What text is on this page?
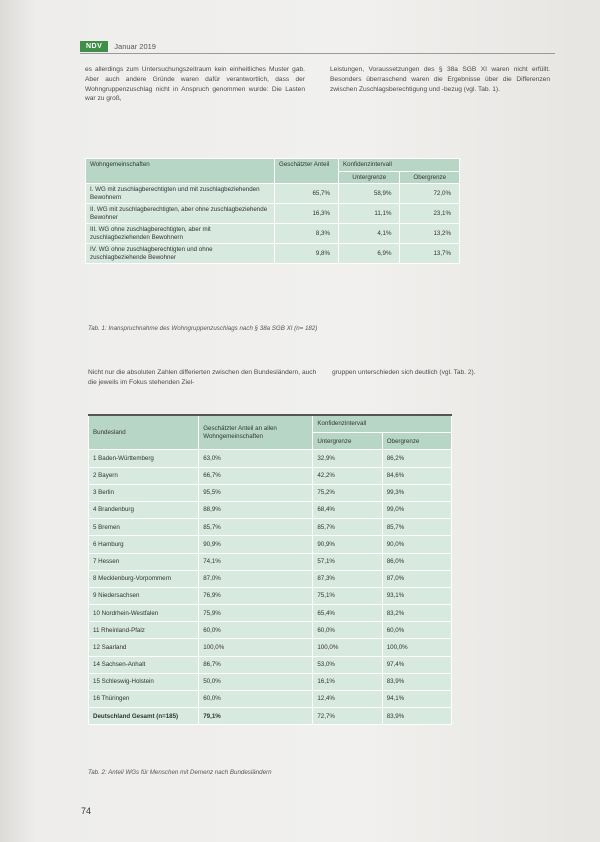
NDV	Januar 2019
es allerdings zum Untersuchungszeitraum kein einheitliches Muster gab. Aber auch andere Gründe waren dafür verantwortlich, dass der Wohngruppenzuschlag nicht in Anspruch genommen wurde: Die Lasten war zu groß,
Leistungen, Voraussetzungen des § 38a SGB XI waren nicht erfüllt. Besonders überraschend waren die Ergebnisse über die Differenzen zwischen Zuschlagsberechtigung und -bezug (vgl. Tab. 1).
Wohngemeinschaften	Geschätzter Anteil	Konfidenzintervall	
		Untergrenze	Obergrenze
I. WG mit zuschlagberechtigten und mit zuschlagbeziehenden Bewohnern	65,7%	58,9%	72,0%
II. WG mit zuschlagberechtigten, aber ohne zuschlagbeziehende Bewohner	16,3%	11,1%	23,1%
III. WG ohne zuschlagberechtigten, aber mit zuschlagbeziehenden Bewohnern	8,3%	4,1%	13,2%
IV. WG ohne zuschlagberechtigten und ohne zuschlagbeziehende Bewohner	9,8%	6,9%	13,7%
Tab. 1: Inanspruchnahme des Wohngruppenzuschlags nach § 38a SGB XI (n= 182)
Nicht nur die absoluten Zahlen differierten zwischen den Bundesländern, auch die jeweils im Fokus stehenden Ziel-
gruppen unterschieden sich deutlich (vgl. Tab. 2).
Bundesland	Geschätzter Anteil an allen Wohngemeinschaften	Konfidenzintervall	
		Untergrenze	Obergrenze
1 Baden-Württemberg	63,0%	32,9%	86,2%
2 Bayern	66,7%	42,2%	84,6%
3 Berlin	95,5%	75,2%	99,3%
4 Brandenburg	88,9%	68,4%	99,0%
5 Bremen	85,7%	85,7%	85,7%
6 Hamburg	90,9%	90,9%	90,0%
7 Hessen	74,1%	57,1%	86,0%
8 Mecklenburg-Vorpommern	87,0%	87,3%	87,0%
9 Niedersachsen	76,9%	75,1%	93,1%
10 Nordrhein-Westfalen	75,9%	65,4%	83,2%
11 Rheinland-Pfalz	60,0%	60,0%	60,0%
12 Saarland	100,0%	100,0%	100,0%
14 Sachsen-Anhalt	86,7%	53,0%	97,4%
15 Schleswig-Holstein	50,0%	16,1%	83,9%
16 Thüringen	60,0%	12,4%	94,1%
Deutschland Gesamt (n=185)	79,1%	72,7%	83,9%
Tab. 2: Anteil WGs für Menschen mit Demenz nach Bundesländern
74
